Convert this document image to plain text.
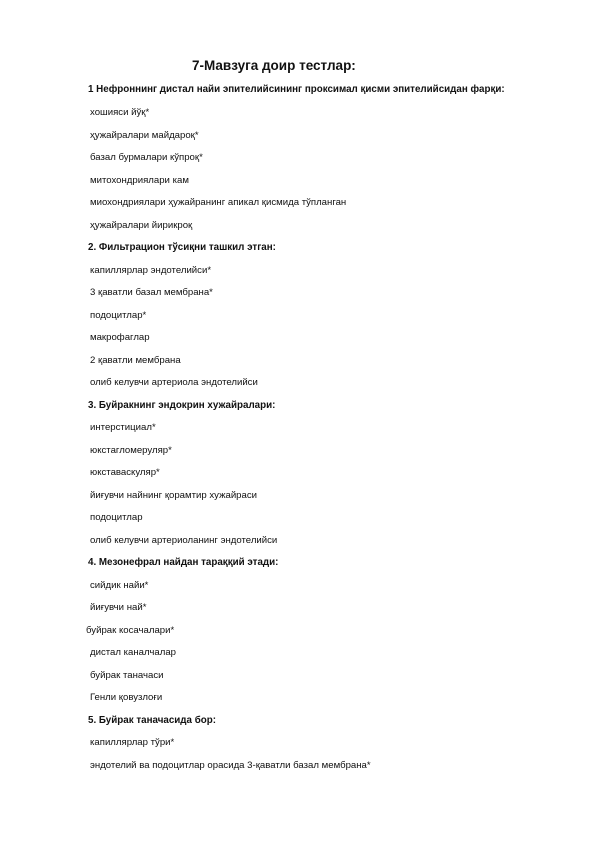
7-Мавзуга доир тестлар:
1 Нефроннинг дистал найи эпителийсининг проксимал қисми эпителийсидан фарқи:
хошияси йўқ*
ҳужайралари майдароқ*
базал бурмалари кўпроқ*
митохондриялари кам
миохондриялари ҳужайранинг апикал қисмида тўпланган
ҳужайралари йирикроқ
2. Фильтрацион тўсиқни ташкил этган:
капиллярлар эндотелийси*
3 қаватли базал мембрана*
подоцитлар*
макрофаглар
2 қаватли мембрана
олиб келувчи артериола эндотелийси
3. Буйракнинг эндокрин хужайралари:
интерстициал*
юкстагломеруляр*
юкставаскуляр*
йиғувчи найнинг қорамтир хужайраси
подоцитлар
олиб келувчи артериоланинг эндотелийси
4. Мезонефрал найдан тараққий этади:
сийдик найи*
йиғувчи най*
буйрак косачалари*
дистал каналчалар
буйрак таначаси
Генли қовузлоғи
5. Буйрак таначасида бор:
капиллярлар тўри*
эндотелий ва подоцитлар орасида 3-қаватли базал мембрана*
